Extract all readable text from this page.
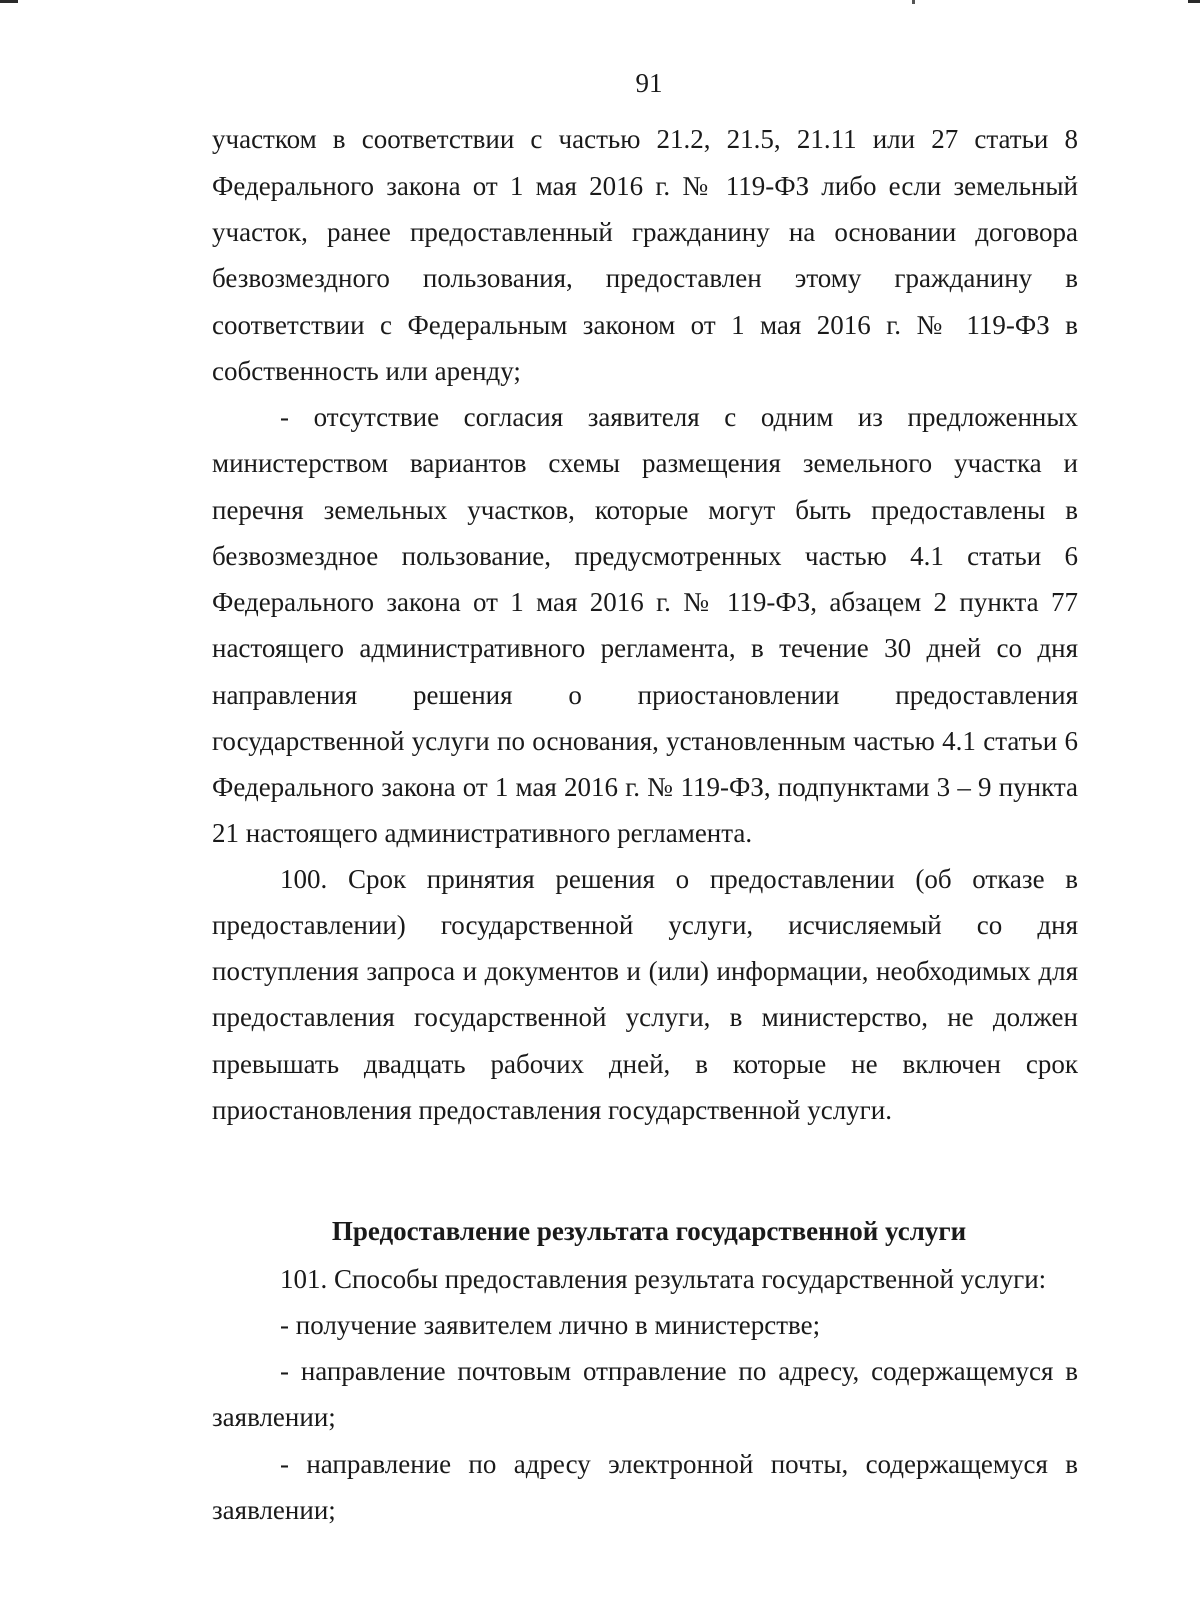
91
участком в соответствии с частью 21.2, 21.5, 21.11 или 27 статьи 8
Федерального закона от 1 мая 2016 г. № 119-ФЗ либо если земельный
участок, ранее предоставленный гражданину на основании договора
безвозмездного пользования, предоставлен этому гражданину в
соответствии с Федеральным законом от 1 мая 2016 г. № 119-ФЗ в
собственность или аренду;
- отсутствие согласия заявителя с одним из предложенных
министерством вариантов схемы размещения земельного участка и
перечня земельных участков, которые могут быть предоставлены в
безвозмездное пользование, предусмотренных частью 4.1 статьи 6
Федерального закона от 1 мая 2016 г. № 119-ФЗ, абзацем 2 пункта 77
настоящего административного регламента, в течение 30 дней со дня
направления решения о приостановлении предоставления
государственной услуги по основания, установленным частью 4.1 статьи 6
Федерального закона от 1 мая 2016 г. № 119-ФЗ, подпунктами 3 – 9 пункта
21 настоящего административного регламента.
100. Срок принятия решения о предоставлении (об отказе в
предоставлении) государственной услуги, исчисляемый со дня
поступления запроса и документов и (или) информации, необходимых для
предоставления государственной услуги, в министерство, не должен
превышать двадцать рабочих дней, в которые не включен срок
приостановления предоставления государственной услуги.
Предоставление результата государственной услуги
101. Способы предоставления результата государственной услуги:
- получение заявителем лично в министерстве;
- направление почтовым отправление по адресу, содержащемуся в
заявлении;
- направление по адресу электронной почты, содержащемуся в
заявлении;
